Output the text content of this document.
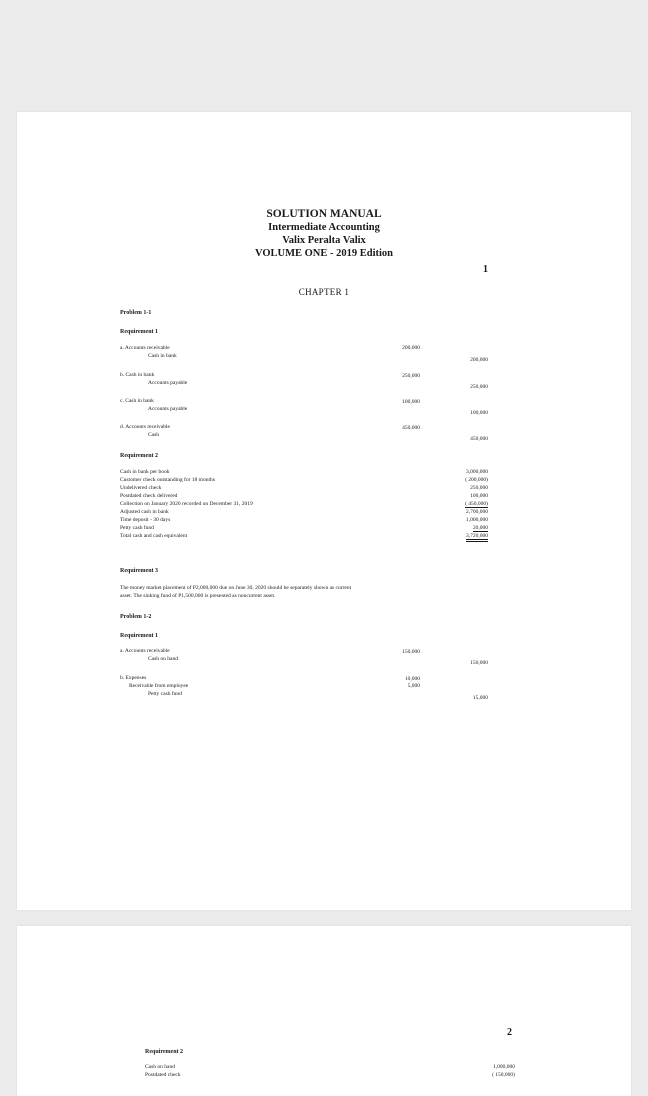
SOLUTION MANUAL
Intermediate Accounting
Valix Peralta Valix
VOLUME ONE - 2019 Edition
1
CHAPTER 1
Problem 1-1
Requirement 1
a. Accounts receivable	200,000
Cash in bank
200,000
b. Cash in bank	250,000
Accounts payable
250,000
c. Cash in bank	100,000
Accounts payable
100,000
d. Accounts receivable	450,000
Cash
450,000
Requirement 2
Cash in bank per book	3,000,000
Customer check outstanding for 18 months	( 200,000)
Undelivered check	250,000
Postdated check delivered	100,000
Collection on January 2020 recorded on December 31, 2019	( 450,000)
Adjusted cash in bank	2,700,000
Time deposit - 30 days	1,000,000
Petty cash fund	20,000
Total cash and cash equivalent	3,720,000
Requirement 3
The money market placement of P2,000,000 due on June 30, 2020 should be separately shown as current
asset. The sinking fund of P1,500,000 is presented as noncurrent asset.
Problem 1-2
Requirement 1
a. Accounts receivable	150,000
Cash on hand
150,000
b. Expenses	10,000
Receivable from employee	5,000
Petty cash fund
15,000
2
Requirement 2
Cash on hand	1,000,000
Postdated check	( 150,000)
